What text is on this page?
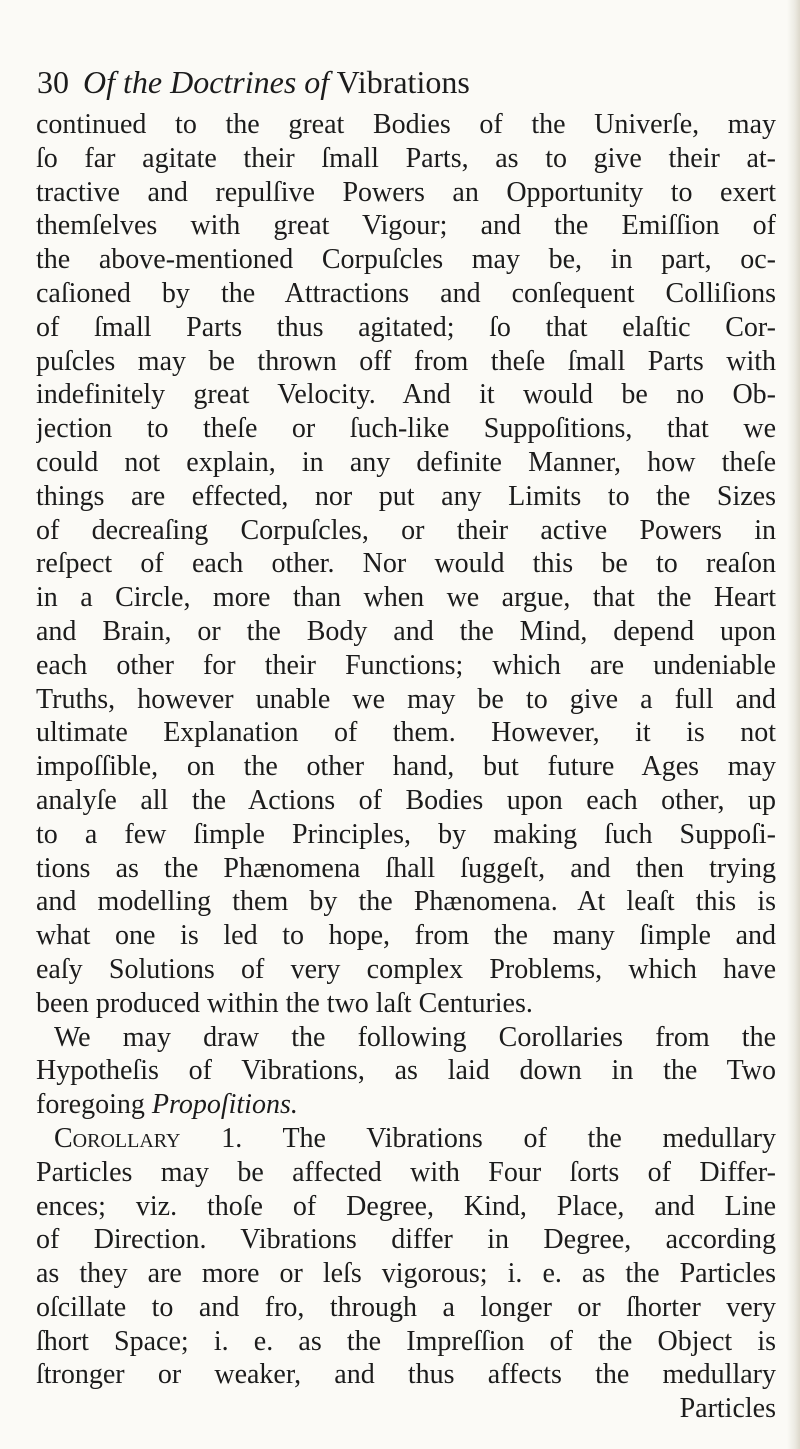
30 Of the Doctrines of Vibrations
continued to the great Bodies of the Univerſe, may
ſo far agitate their ſmall Parts, as to give their at-
tractive and repulſive Powers an Opportunity to exert
themſelves with great Vigour; and the Emiſſion of
the above-mentioned Corpuſcles may be, in part, oc-
caſioned by the Attractions and conſequent Colliſions
of ſmall Parts thus agitated; ſo that elaſtic Cor-
puſcles may be thrown off from theſe ſmall Parts with
indefinitely great Velocity. And it would be no Ob-
jection to theſe or ſuch-like Suppoſitions, that we
could not explain, in any definite Manner, how theſe
things are effected, nor put any Limits to the Sizes
of decreaſing Corpuſcles, or their active Powers in
reſpect of each other. Nor would this be to reaſon
in a Circle, more than when we argue, that the Heart
and Brain, or the Body and the Mind, depend upon
each other for their Functions; which are undeniable
Truths, however unable we may be to give a full and
ultimate Explanation of them. However, it is not
impoſſible, on the other hand, but future Ages may
analyſe all the Actions of Bodies upon each other, up
to a few ſimple Principles, by making ſuch Suppoſi-
tions as the Phænomena ſhall ſuggeſt, and then trying
and modelling them by the Phænomena. At leaſt this is
what one is led to hope, from the many ſimple and
eaſy Solutions of very complex Problems, which have
been produced within the two laſt Centuries.
We may draw the following Corollaries from the
Hypotheſis of Vibrations, as laid down in the Two
foregoing Propoſitions.
Corollary 1. The Vibrations of the medullary
Particles may be affected with Four ſorts of Differ-
ences; viz. thoſe of Degree, Kind, Place, and Line
of Direction. Vibrations differ in Degree, according
as they are more or leſs vigorous; i. e. as the Particles
oſcillate to and fro, through a longer or ſhorter very
ſhort Space; i. e. as the Impreſſion of the Object is
ſtronger or weaker, and thus affects the medullary
Particles
